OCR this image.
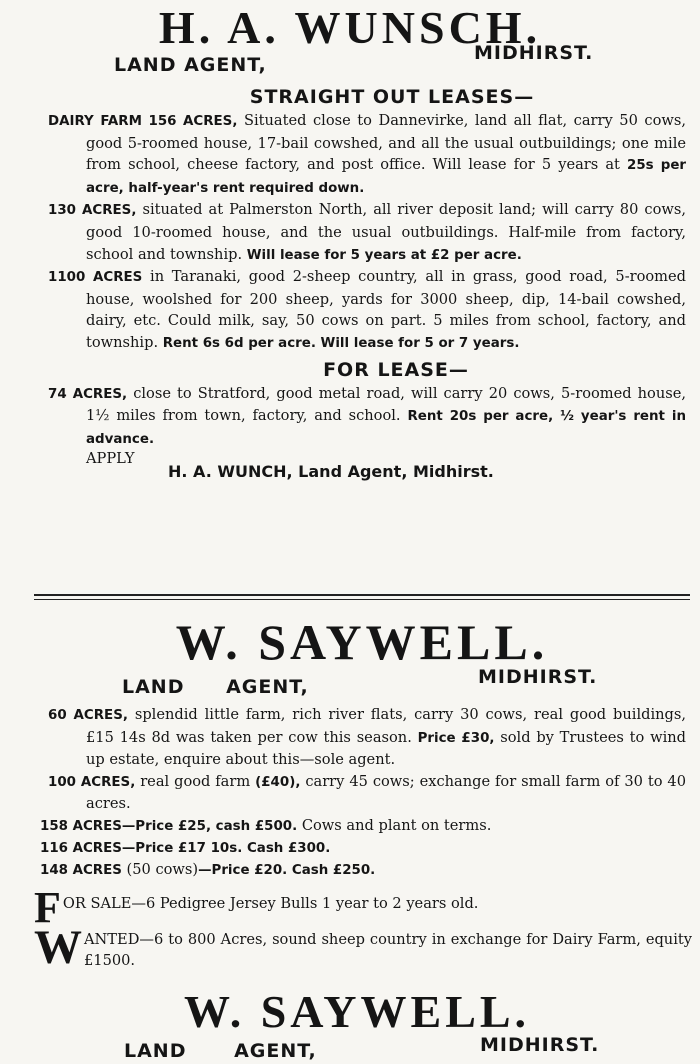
H. A. WUNSCH.
LAND AGENT,
MIDHIRST.
STRAIGHT OUT LEASES—

DAIRY FARM 156 ACRES, Situated close to Dannevirke, land all flat, carry 50 cows, good 5-roomed house, 17-bail cowshed, and all the usual outbuildings; one mile from school, cheese factory, and post office. Will lease for 5 years at 25s per acre, half-year's rent required down.

130 ACRES, situated at Palmerston North, all river deposit land; will carry 80 cows, good 10-roomed house, and the usual outbuildings. Half-mile from factory, school and township. Will lease for 5 years at £2 per acre.

1100 ACRES in Taranaki, good 2-sheep country, all in grass, good road, 5-roomed house, woolshed for 200 sheep, yards for 3000 sheep, dip, 14-bail cowshed, dairy, etc. Could milk, say, 50 cows on part. 5 miles from school, factory, and township. Rent 6s 6d per acre. Will lease for 5 or 7 years.

FOR LEASE—

74 ACRES, close to Stratford, good metal road, will carry 20 cows, 5-roomed house, 1½ miles from town, factory, and school. Rent 20s per acre, ½ year's rent in advance.

APPLY
H. A. WUNCH, Land Agent, Midhirst.
W. SAYWELL.
LAND AGENT,	MIDHIRST.

60 ACRES, splendid little farm, rich river flats, carry 30 cows, real good buildings, £15 14s 8d was taken per cow this season. Price £30, sold by Trustees to wind up estate, enquire about this—sole agent.

100 ACRES, real good farm (£40), carry 45 cows; exchange for small farm of 30 to 40 acres.

158 ACRES—Price £25, cash £500. Cows and plant on terms.
116 ACRES—Price £17 10s. Cash £300.
148 ACRES (50 cows)—Price £20. Cash £250.
F OR SALE—6 Pedigree Jersey Bulls 1 year to 2 years old.
W ANTED—6 to 800 Acres, sound sheep country in exchange for Dairy Farm, equity £1500.
W. SAYWELL.
LAND AGENT,	MIDHIRST.
